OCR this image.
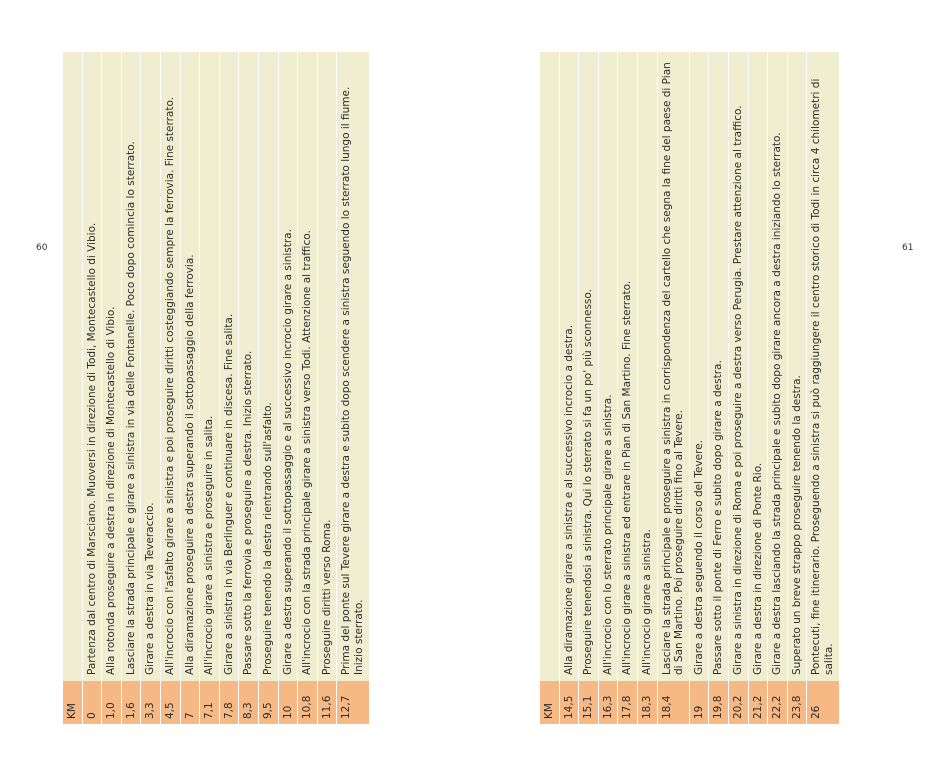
60	61
KM	
0	Partenza dal centro di Marsciano. Muoversi in direzione di Todi, Montecastello di Vibio.
1,0	Alla rotonda proseguire a destra in direzione di Montecastello di Vibio.
1,6	Lasciare la strada principale e girare a sinistra in via delle Fontanelle. Poco dopo comincia lo sterrato.
3,3	Girare a destra in via Teveraccio.
4,5	All'incrocio con l'asfalto girare a sinistra e poi proseguire diritti costeggiando sempre la ferrovia. Fine sterrato.
7	Alla diramazione proseguire a destra superando il sottopassaggio della ferrovia.
7,1	All'incrocio girare a sinistra e proseguire in salita.
7,8	Girare a sinistra in via Berlinguer e continuare in discesa. Fine salita.
8,3	Passare sotto la ferrovia e proseguire a destra. Inizio sterrato.
9,5	Proseguire tenendo la destra rientrando sull'asfalto.
10	Girare a destra superando il sottopassaggio e al successivo incrocio girare a sinistra.
10,8	All'incrocio con la strada principale girare a sinistra verso Todi. Attenzione al traffico.
11,6	Proseguire diritti verso Roma.
12,7	Prima del ponte sul Tevere girare a destra e subito dopo scendere a sinistra seguendo lo sterrato lungo il fiume. Inizio sterrato.
KM	
14,5	Alla diramazione girare a sinistra e al successivo incrocio a destra.
15,1	Proseguire tenendosi a sinistra. Qui lo sterrato si fa un po' più sconnesso.
16,3	All'incrocio con lo sterrato principale girare a sinistra.
17,8	All'incrocio girare a sinistra ed entrare in Pian di San Martino. Fine sterrato.
18,3	All'incrocio girare a sinistra.
18,4	Lasciare la strada principale e proseguire a sinistra in corrispondenza del cartello che segna la fine del paese di Pian di San Martino. Poi proseguire diritti fino al Tevere.
19	Girare a destra seguendo il corso del Tevere.
19,8	Passare sotto il ponte di Ferro e subito dopo girare a destra.
20,2	Girare a sinistra in direzione di Roma e poi proseguire a destra verso Perugia. Prestare attenzione al traffico.
21,2	Girare a destra in direzione di Ponte Rio.
22,2	Girare a destra lasciando la strada principale e subito dopo girare ancora a destra iniziando lo sterrato.
23,8	Superato un breve strappo proseguire tenendo la destra.
26	Pontecuti, fine itinerario. Proseguendo a sinistra si può raggiungere il centro storico di Todi in circa 4 chilometri di salita.
